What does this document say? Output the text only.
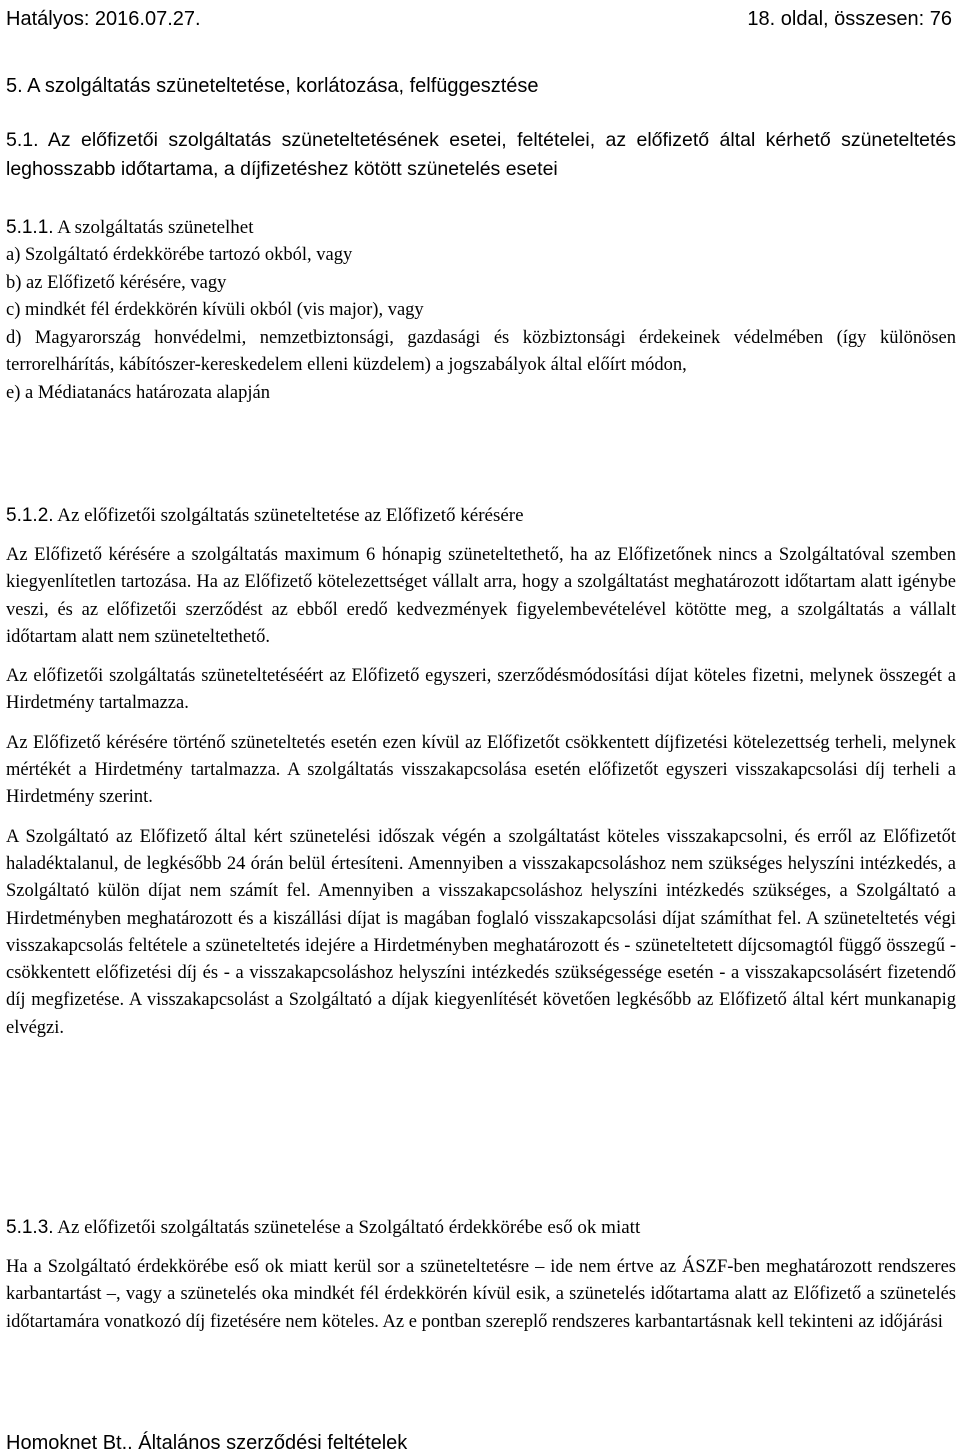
Hatályos: 2016.07.27.	18. oldal, összesen: 76
5. A szolgáltatás szüneteltetése, korlátozása, felfüggesztése
5.1. Az előfizetői szolgáltatás szüneteltetésének esetei, feltételei, az előfizető által kérhető szüneteltetés leghosszabb időtartama, a díjfizetéshez kötött szünetelés esetei

5.1.1. A szolgáltatás szünetelhet

a) Szolgáltató érdekkörébe tartozó okból, vagy

b) az Előfizető kérésére, vagy

c) mindkét fél érdekkörén kívüli okból (vis major), vagy

d) Magyarország honvédelmi, nemzetbiztonsági, gazdasági és közbiztonsági érdekeinek védelmében (így különösen terrorelhárítás, kábítószer-kereskedelem elleni küzdelem) a jogszabályok által előírt módon,

e) a Médiatanács határozata alapján

5.1.2. Az előfizetői szolgáltatás szüneteltetése az Előfizető kérésére

Az Előfizető kérésére a szolgáltatás maximum 6 hónapig szüneteltethető, ha az Előfizetőnek nincs a Szolgáltatóval szemben kiegyenlítetlen tartozása. Ha az Előfizető kötelezettséget vállalt arra, hogy a szolgáltatást meghatározott időtartam alatt igénybe veszi, és az előfizetői szerződést az ebből eredő kedvezmények figyelembevételével kötötte meg, a szolgáltatás a vállalt időtartam alatt nem szüneteltethető.

Az előfizetői szolgáltatás szüneteltetéséért az Előfizető egyszeri, szerződésmódosítási díjat köteles fizetni, melynek összegét a Hirdetmény tartalmazza.

Az Előfizető kérésére történő szüneteltetés esetén ezen kívül az Előfizetőt csökkentett díjfizetési kötelezettség terheli, melynek mértékét a Hirdetmény tartalmazza. A szolgáltatás visszakapcsolása esetén előfizetőt egyszeri visszakapcsolási díj terheli a Hirdetmény szerint.

A Szolgáltató az Előfizető által kért szünetelési időszak végén a szolgáltatást köteles visszakapcsolni, és erről az Előfizetőt haladéktalanul, de legkésőbb 24 órán belül értesíteni. Amennyiben a visszakapcsoláshoz nem szükséges helyszíni intézkedés, a Szolgáltató külön díjat nem számít fel. Amennyiben a visszakapcsoláshoz helyszíni intézkedés szükséges, a Szolgáltató a Hirdetményben meghatározott és a kiszállási díjat is magában foglaló visszakapcsolási díjat számíthat fel. A szüneteltetés végi visszakapcsolás feltétele a szüneteltetés idejére a Hirdetményben meghatározott és - szüneteltetett díjcsomagtól függő összegű - csökkentett előfizetési díj és - a visszakapcsoláshoz helyszíni intézkedés szükségessége esetén - a visszakapcsolásért fizetendő díj megfizetése. A visszakapcsolást a Szolgáltató a díjak kiegyenlítését követően legkésőbb az Előfizető által kért munkanapig elvégzi.

5.1.3. Az előfizetői szolgáltatás szünetelése a Szolgáltató érdekkörébe eső ok miatt

Ha a Szolgáltató érdekkörébe eső ok miatt kerül sor a szüneteltetésre – ide nem értve az ÁSZF-ben meghatározott rendszeres karbantartást –, vagy a szünetelés oka mindkét fél érdekkörén kívül esik, a szünetelés időtartama alatt az Előfizető a szünetelés időtartamára vonatkozó díj fizetésére nem köteles. Az e pontban szereplő rendszeres karbantartásnak kell tekinteni az időjárási

Homoknet Bt.. Általános szerződési feltételek
